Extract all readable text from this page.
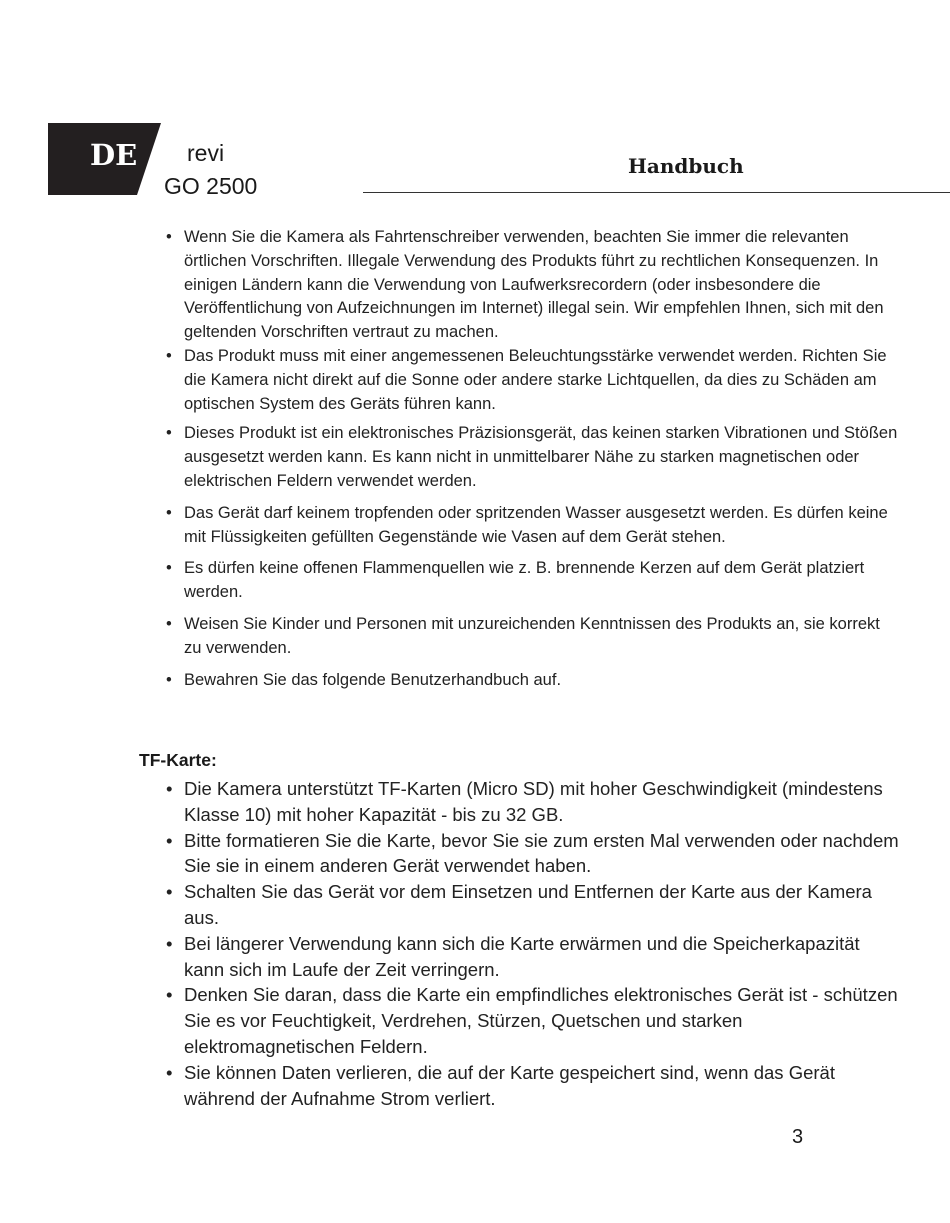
DE revi
GO 2500
Handbuch
• Wenn Sie die Kamera als Fahrtenschreiber verwenden, beachten Sie immer die relevanten örtlichen Vorschriften. Illegale Verwendung des Produkts führt zu rechtlichen Konsequenzen. In einigen Ländern kann die Verwendung von Laufwerksrecordern (oder insbesondere die Veröffentlichung von Aufzeichnungen im Internet) illegal sein. Wir empfehlen Ihnen, sich mit den geltenden Vorschriften vertraut zu machen.
• Das Produkt muss mit einer angemessenen Beleuchtungsstärke verwendet werden. Richten Sie die Kamera nicht direkt auf die Sonne oder andere starke Lichtquellen, da dies zu Schäden am optischen System des Geräts führen kann.
• Dieses Produkt ist ein elektronisches Präzisionsgerät, das keinen starken Vibrationen und Stößen ausgesetzt werden kann. Es kann nicht in unmittelbarer Nähe zu starken magnetischen oder elektrischen Feldern verwendet werden.
• Das Gerät darf keinem tropfenden oder spritzenden Wasser ausgesetzt werden. Es dürfen keine mit Flüssigkeiten gefüllten Gegenstände wie Vasen auf dem Gerät stehen.
• Es dürfen keine offenen Flammenquellen wie z. B. brennende Kerzen auf dem Gerät platziert werden.
• Weisen Sie Kinder und Personen mit unzureichenden Kenntnissen des Produkts an, sie korrekt zu verwenden.
• Bewahren Sie das folgende Benutzerhandbuch auf.
TF-Karte:
• Die Kamera unterstützt TF-Karten (Micro SD) mit hoher Geschwindigkeit (mindestens Klasse 10) mit hoher Kapazität - bis zu 32 GB.
• Bitte formatieren Sie die Karte, bevor Sie sie zum ersten Mal verwenden oder nachdem Sie sie in einem anderen Gerät verwendet haben.
• Schalten Sie das Gerät vor dem Einsetzen und Entfernen der Karte aus der Kamera aus.
• Bei längerer Verwendung kann sich die Karte erwärmen und die Speicherkapazität kann sich im Laufe der Zeit verringern.
• Denken Sie daran, dass die Karte ein empfindliches elektronisches Gerät ist - schützen Sie es vor Feuchtigkeit, Verdrehen, Stürzen, Quetschen und starken elektromagnetischen Feldern.
• Sie können Daten verlieren, die auf der Karte gespeichert sind, wenn das Gerät während der Aufnahme Strom verliert.
3
